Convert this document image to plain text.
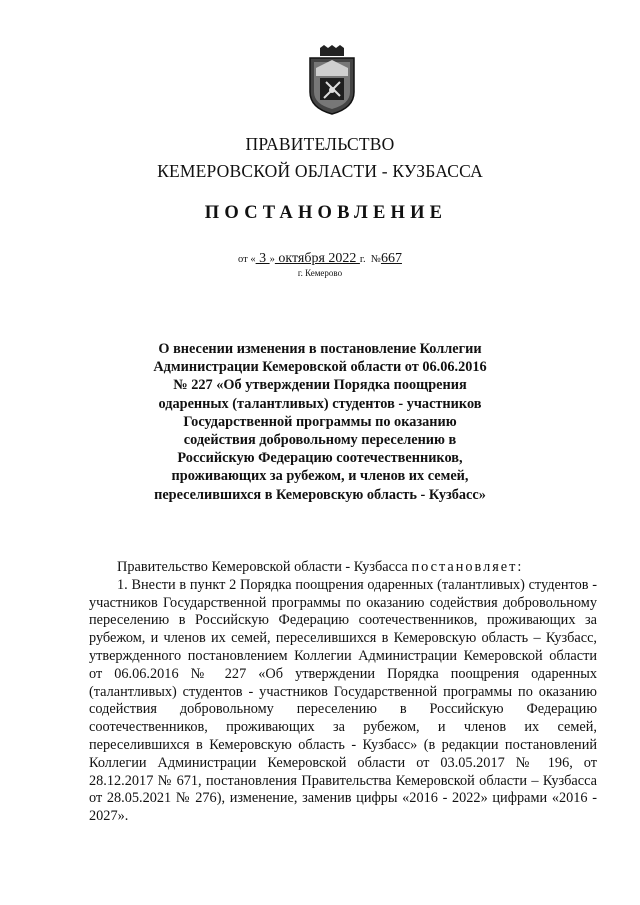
ПРАВИТЕЛЬСТВО
КЕМЕРОВСКОЙ ОБЛАСТИ - КУЗБАССА
ПОСТАНОВЛЕНИЕ
от « 3 » октября 2022 г. №667
г. Кемерово
О внесении изменения в постановление Коллегии Администрации Кемеровской области от 06.06.2016 № 227 «Об утверждении Порядка поощрения одаренных (талантливых) студентов - участников Государственной программы по оказанию содействия добровольному переселению в Российскую Федерацию соотечественников, проживающих за рубежом, и членов их семей, переселившихся в Кемеровскую область - Кузбасс»

Правительство Кемеровской области - Кузбасса постановляет:

1. Внести в пункт 2 Порядка поощрения одаренных (талантливых) студентов - участников Государственной программы по оказанию содействия добровольному переселению в Российскую Федерацию соотечественников, проживающих за рубежом, и членов их семей, переселившихся в Кемеровскую область – Кузбасс, утвержденного постановлением Коллегии Администрации Кемеровской области от 06.06.2016 № 227 «Об утверждении Порядка поощрения одаренных (талантливых) студентов - участников Государственной программы по оказанию содействия добровольному переселению в Российскую Федерацию соотечественников, проживающих за рубежом, и членов их семей, переселившихся в Кемеровскую область - Кузбасс» (в редакции постановлений Коллегии Администрации Кемеровской области от 03.05.2017 № 196, от 28.12.2017 № 671, постановления Правительства Кемеровской области – Кузбасса от 28.05.2021 № 276), изменение, заменив цифры «2016 - 2022» цифрами «2016 - 2027».
